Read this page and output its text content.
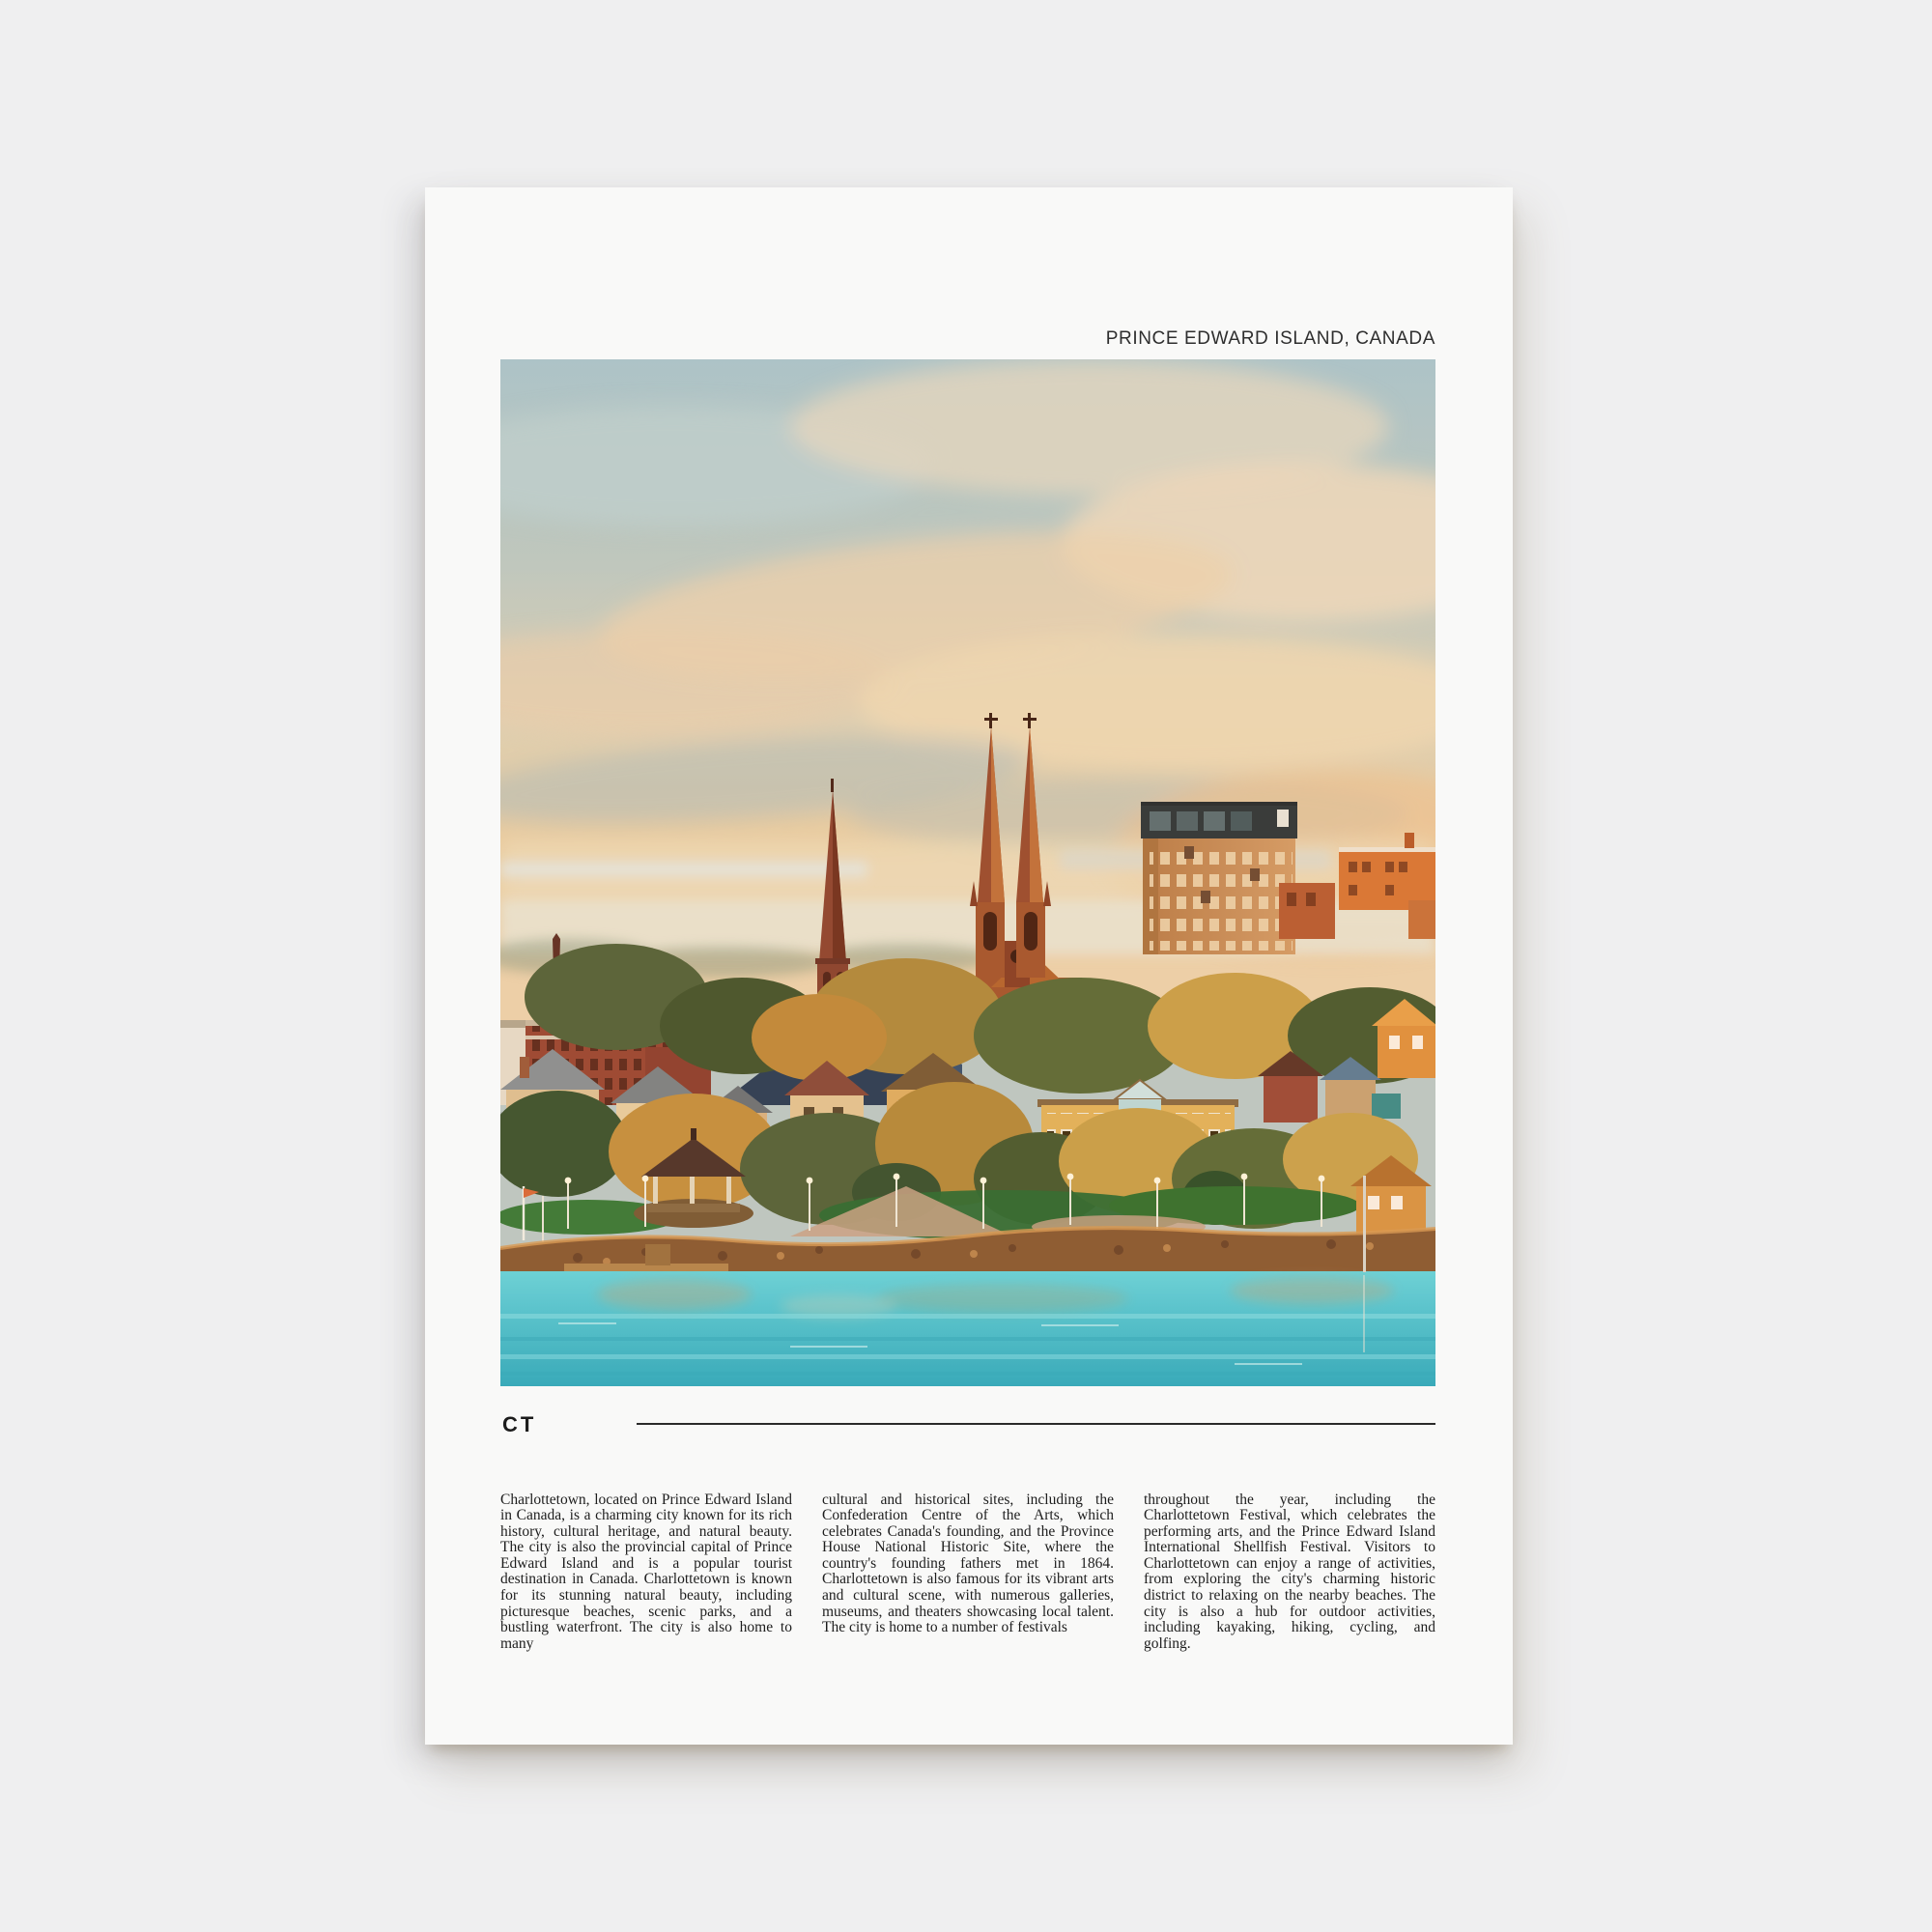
PRINCE EDWARD ISLAND, CANADA
CT

Charlottetown, located on Prince Edward Island in Canada, is a charming city known for its rich history, cultural heritage, and natural beauty. The city is also the provincial capital of Prince Edward Island and is a popular tourist destination in Canada. Charlottetown is known for its stunning natural beauty, including picturesque beaches, scenic parks, and a bustling waterfront. The city is also home to many

cultural and historical sites, including the Confederation Centre of the Arts, which celebrates Canada's founding, and the Province House National Historic Site, where the country's founding fathers met in 1864. Charlottetown is also famous for its vibrant arts and cultural scene, with numerous galleries, museums, and theaters showcasing local talent. The city is home to a number of festivals

throughout the year, including the Charlottetown Festival, which celebrates the performing arts, and the Prince Edward Island International Shellfish Festival. Visitors to Charlottetown can enjoy a range of activities, from exploring the city's charming historic district to relaxing on the nearby beaches. The city is also a hub for outdoor activities, including kayaking, hiking, cycling, and golfing.
